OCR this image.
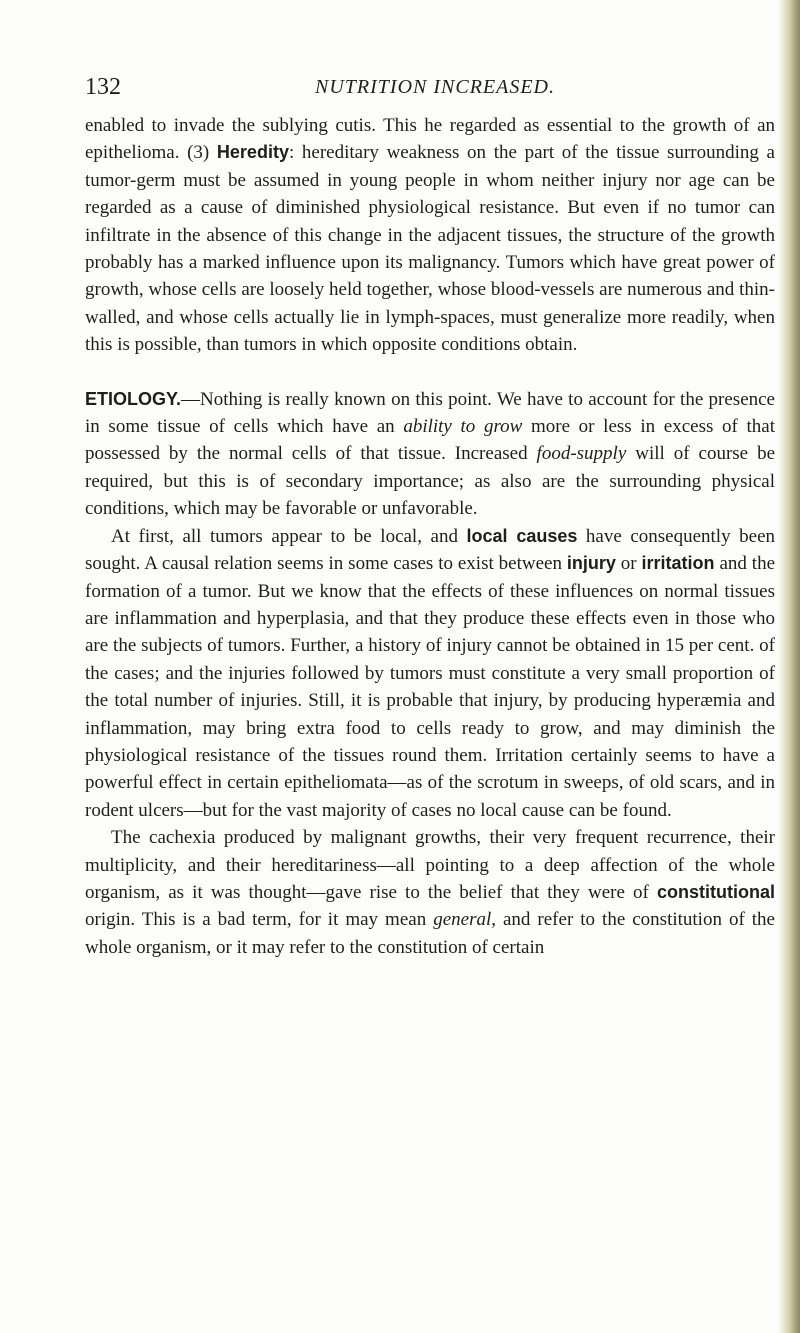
132	NUTRITION INCREASED.

enabled to invade the sublying cutis. This he regarded as essential to the growth of an epithelioma. (3) Heredity: hereditary weakness on the part of the tissue surrounding a tumor-germ must be assumed in young people in whom neither injury nor age can be regarded as a cause of diminished physiological resistance. But even if no tumor can infiltrate in the absence of this change in the adjacent tissues, the structure of the growth probably has a marked influence upon its malignancy. Tumors which have great power of growth, whose cells are loosely held together, whose blood-vessels are numerous and thin-walled, and whose cells actually lie in lymph-spaces, must generalize more readily, when this is possible, than tumors in which opposite conditions obtain.

ETIOLOGY.—Nothing is really known on this point. We have to account for the presence in some tissue of cells which have an ability to grow more or less in excess of that possessed by the normal cells of that tissue. Increased food-supply will of course be required, but this is of secondary importance; as also are the surrounding physical conditions, which may be favorable or unfavorable.

At first, all tumors appear to be local, and local causes have consequently been sought. A causal relation seems in some cases to exist between injury or irritation and the formation of a tumor. But we know that the effects of these influences on normal tissues are inflammation and hyperplasia, and that they produce these effects even in those who are the subjects of tumors. Further, a history of injury cannot be obtained in 15 per cent. of the cases; and the injuries followed by tumors must constitute a very small proportion of the total number of injuries. Still, it is probable that injury, by producing hyperæmia and inflammation, may bring extra food to cells ready to grow, and may diminish the physiological resistance of the tissues round them. Irritation certainly seems to have a powerful effect in certain epitheliomata—as of the scrotum in sweeps, of old scars, and in rodent ulcers—but for the vast majority of cases no local cause can be found.

The cachexia produced by malignant growths, their very frequent recurrence, their multiplicity, and their hereditariness—all pointing to a deep affection of the whole organism, as it was thought—gave rise to the belief that they were of constitutional origin. This is a bad term, for it may mean general, and refer to the constitution of the whole organism, or it may refer to the constitution of certain
